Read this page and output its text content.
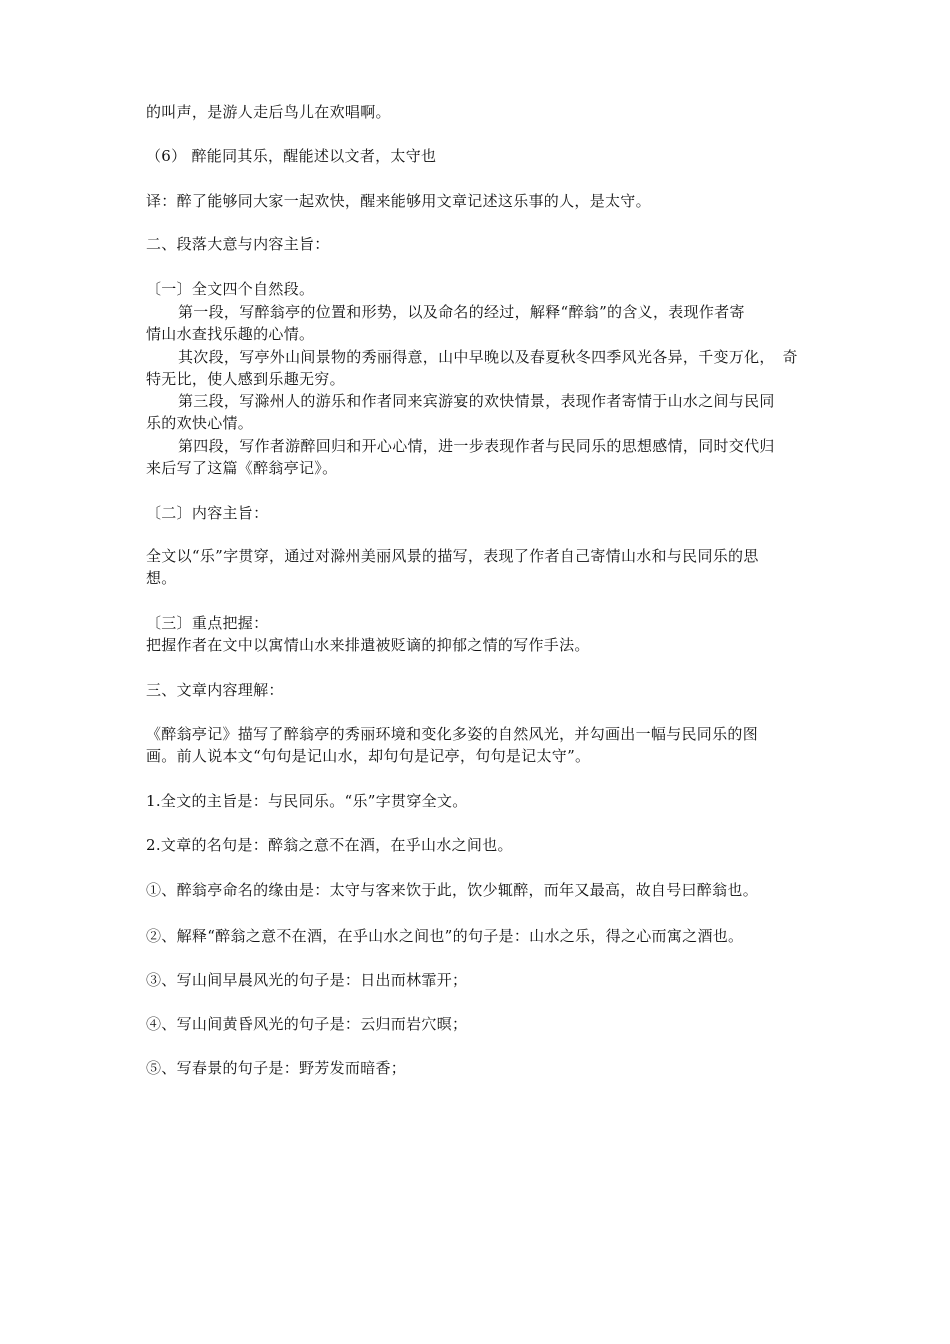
的叫声，是游人走后鸟儿在欢唱啊。
（6） 醉能同其乐，醒能述以文者，太守也
译：醉了能够同大家一起欢快，醒来能够用文章记述这乐事的人，是太守。
二、段落大意与内容主旨：
〔一〕全文四个自然段。
第一段，写醉翁亭的位置和形势，以及命名的经过，解释“醉翁”的含义，表现作者寄
情山水查找乐趣的心情。
其次段，写亭外山间景物的秀丽得意，山中早晚以及春夏秋冬四季风光各异，千变万化，　奇
特无比，使人感到乐趣无穷。
第三段，写滁州人的游乐和作者同来宾游宴的欢快情景，表现作者寄情于山水之间与民同
乐的欢快心情。
第四段，写作者游醉回归和开心心情，进一步表现作者与民同乐的思想感情，同时交代归
来后写了这篇《醉翁亭记》。
〔二〕内容主旨：
全文以“乐”字贯穿，通过对滁州美丽风景的描写，表现了作者自己寄情山水和与民同乐的思
想。
〔三〕重点把握：
把握作者在文中以寓情山水来排遣被贬谪的抑郁之情的写作手法。
三、文章内容理解：
《醉翁亭记》描写了醉翁亭的秀丽环境和变化多姿的自然风光，并勾画出一幅与民同乐的图
画。前人说本文“句句是记山水，却句句是记亭，句句是记太守”。
1.全文的主旨是：与民同乐。“乐”字贯穿全文。
2.文章的名句是：醉翁之意不在酒，在乎山水之间也。
①、醉翁亭命名的缘由是：太守与客来饮于此，饮少辄醉，而年又最高，故自号曰醉翁也。
②、解释“醉翁之意不在酒，在乎山水之间也”的句子是：山水之乐，得之心而寓之酒也。
③、写山间早晨风光的句子是：日出而林霏开；
④、写山间黄昏风光的句子是：云归而岩穴暝；
⑤、写春景的句子是：野芳发而暗香；
